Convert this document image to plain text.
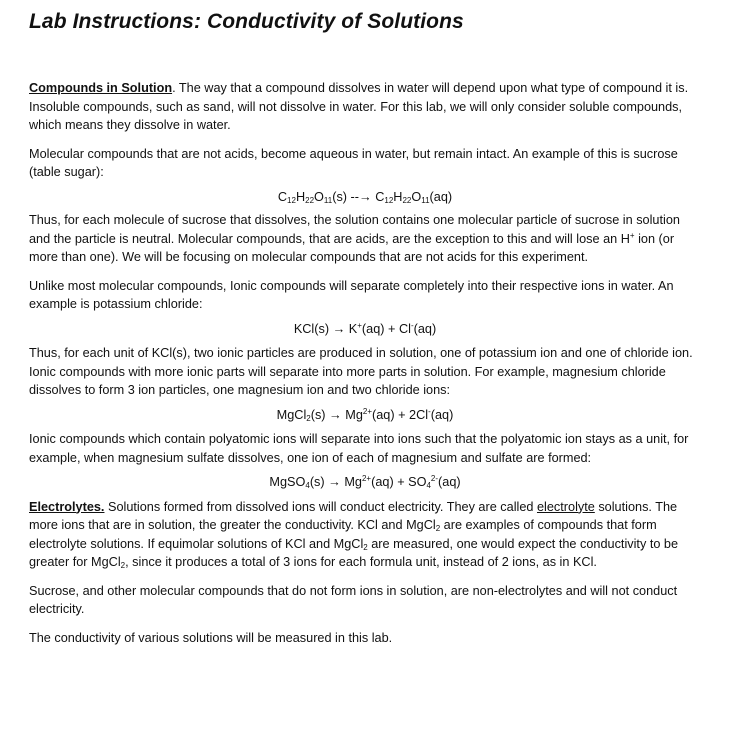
Lab Instructions: Conductivity of Solutions

Compounds in Solution. The way that a compound dissolves in water will depend upon what type of compound it is. Insoluble compounds, such as sand, will not dissolve in water. For this lab, we will only consider soluble compounds, which means they dissolve in water.

Molecular compounds that are not acids, become aqueous in water, but remain intact. An example of this is sucrose (table sugar):

$C_{12}H_{22}O_{11}(s)$ --→ $C_{12}H_{22}O_{11}(aq)$

Thus, for each molecule of sucrose that dissolves, the solution contains one molecular particle of sucrose in solution and the particle is neutral. Molecular compounds, that are acids, are the exception to this and will lose an H+ ion (or more than one). We will be focusing on molecular compounds that are not acids for this experiment.

Unlike most molecular compounds, Ionic compounds will separate completely into their respective ions in water. An example is potassium chloride:

KCl(s) → K+(aq) + Cl-(aq)

Thus, for each unit of KCl(s), two ionic particles are produced in solution, one of potassium ion and one of chloride ion. Ionic compounds with more ionic parts will separate into more parts in solution. For example, magnesium chloride dissolves to form 3 ion particles, one magnesium ion and two chloride ions:

MgCl$_2$(s) → $Mg^{2+}(aq) + 2Cl^-(aq)$

Ionic compounds which contain polyatomic ions will separate into ions such that the polyatomic ion stays as a unit, for example, when magnesium sulfate dissolves, one ion of each of magnesium and sulfate are formed:

MgSO$_4$(s) → $Mg^{2+}(aq) + SO_4^{2-}(aq)$

Electrolytes. Solutions formed from dissolved ions will conduct electricity. They are called electrolyte solutions. The more ions that are in solution, the greater the conductivity. KCl and MgCl$_2$ are examples of compounds that form electrolyte solutions. If equimolar solutions of KCl and MgCl$_2$ are measured, one would expect the conductivity to be greater for MgCl$_2$, since it produces a total of 3 ions for each formula unit, instead of 2 ions, as in KCl.

Sucrose, and other molecular compounds that do not form ions in solution, are non-electrolytes and will not conduct electricity.

The conductivity of various solutions will be measured in this lab.
